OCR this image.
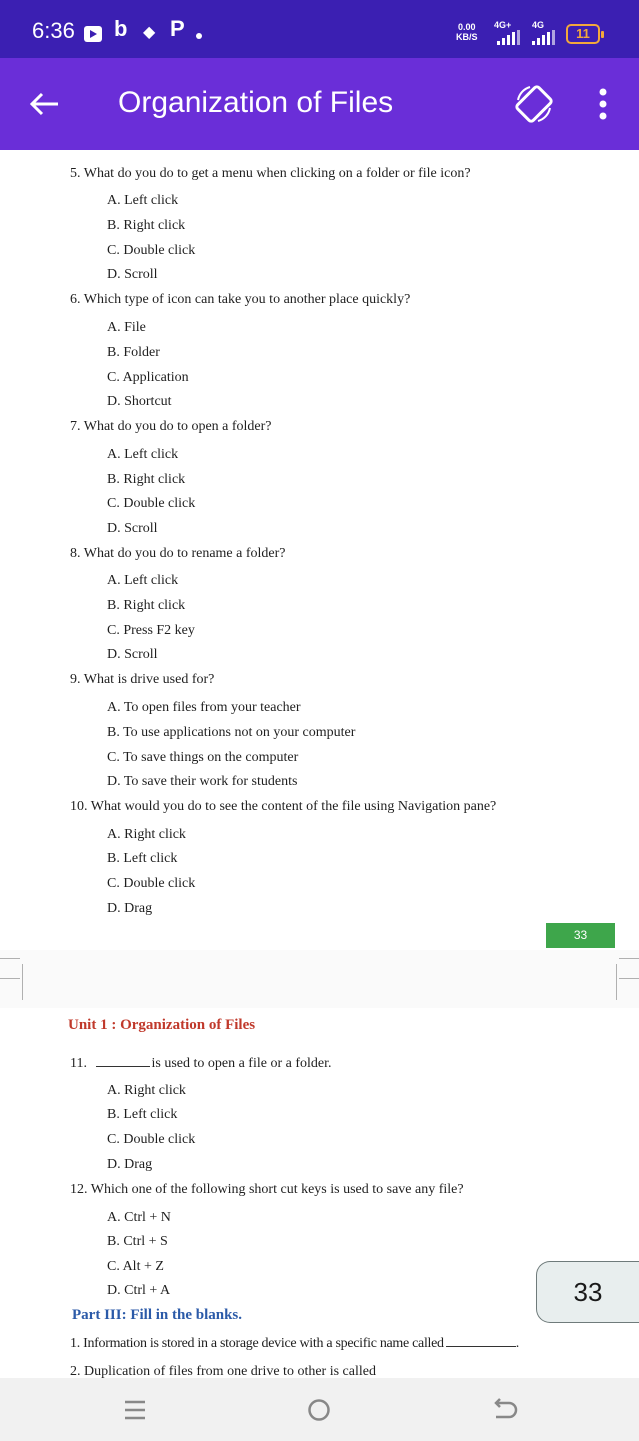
6:36 b ◆ P	0.00
KB/S
4G+ 4G
11
Organization of Files
5. What do you do to get a menu when clicking on a folder or file icon?
A. Left click
B. Right click
C. Double click
D. Scroll
6. Which type of icon can take you to another place quickly?
A. File
B. Folder
C. Application
D. Shortcut
7. What do you do to open a folder?
A. Left click
B. Right click
C. Double click
D. Scroll
8. What do you do to rename a folder?
A. Left click
B. Right click
C. Press F2 key
D. Scroll
9. What is drive used for?
A. To open files from your teacher
B. To use applications not on your computer
C. To save things on the computer
D. To save their work for students
10. What would you do to see the content of the file using Navigation pane?
A. Right click
B. Left click
C. Double click
D. Drag
33
Unit 1 : Organization of Files
11.	is used to open a file or a folder.
A. Right click
B. Left click
C. Double click
D. Drag
12. Which one of the following short cut keys is used to save any file?
A. Ctrl + N
B. Ctrl + S
C. Alt + Z
D. Ctrl + A
Part III: Fill in the blanks.
1. Information is stored in a storage device with a specific name called	.
2. Duplication of files from one drive to other is called
33
